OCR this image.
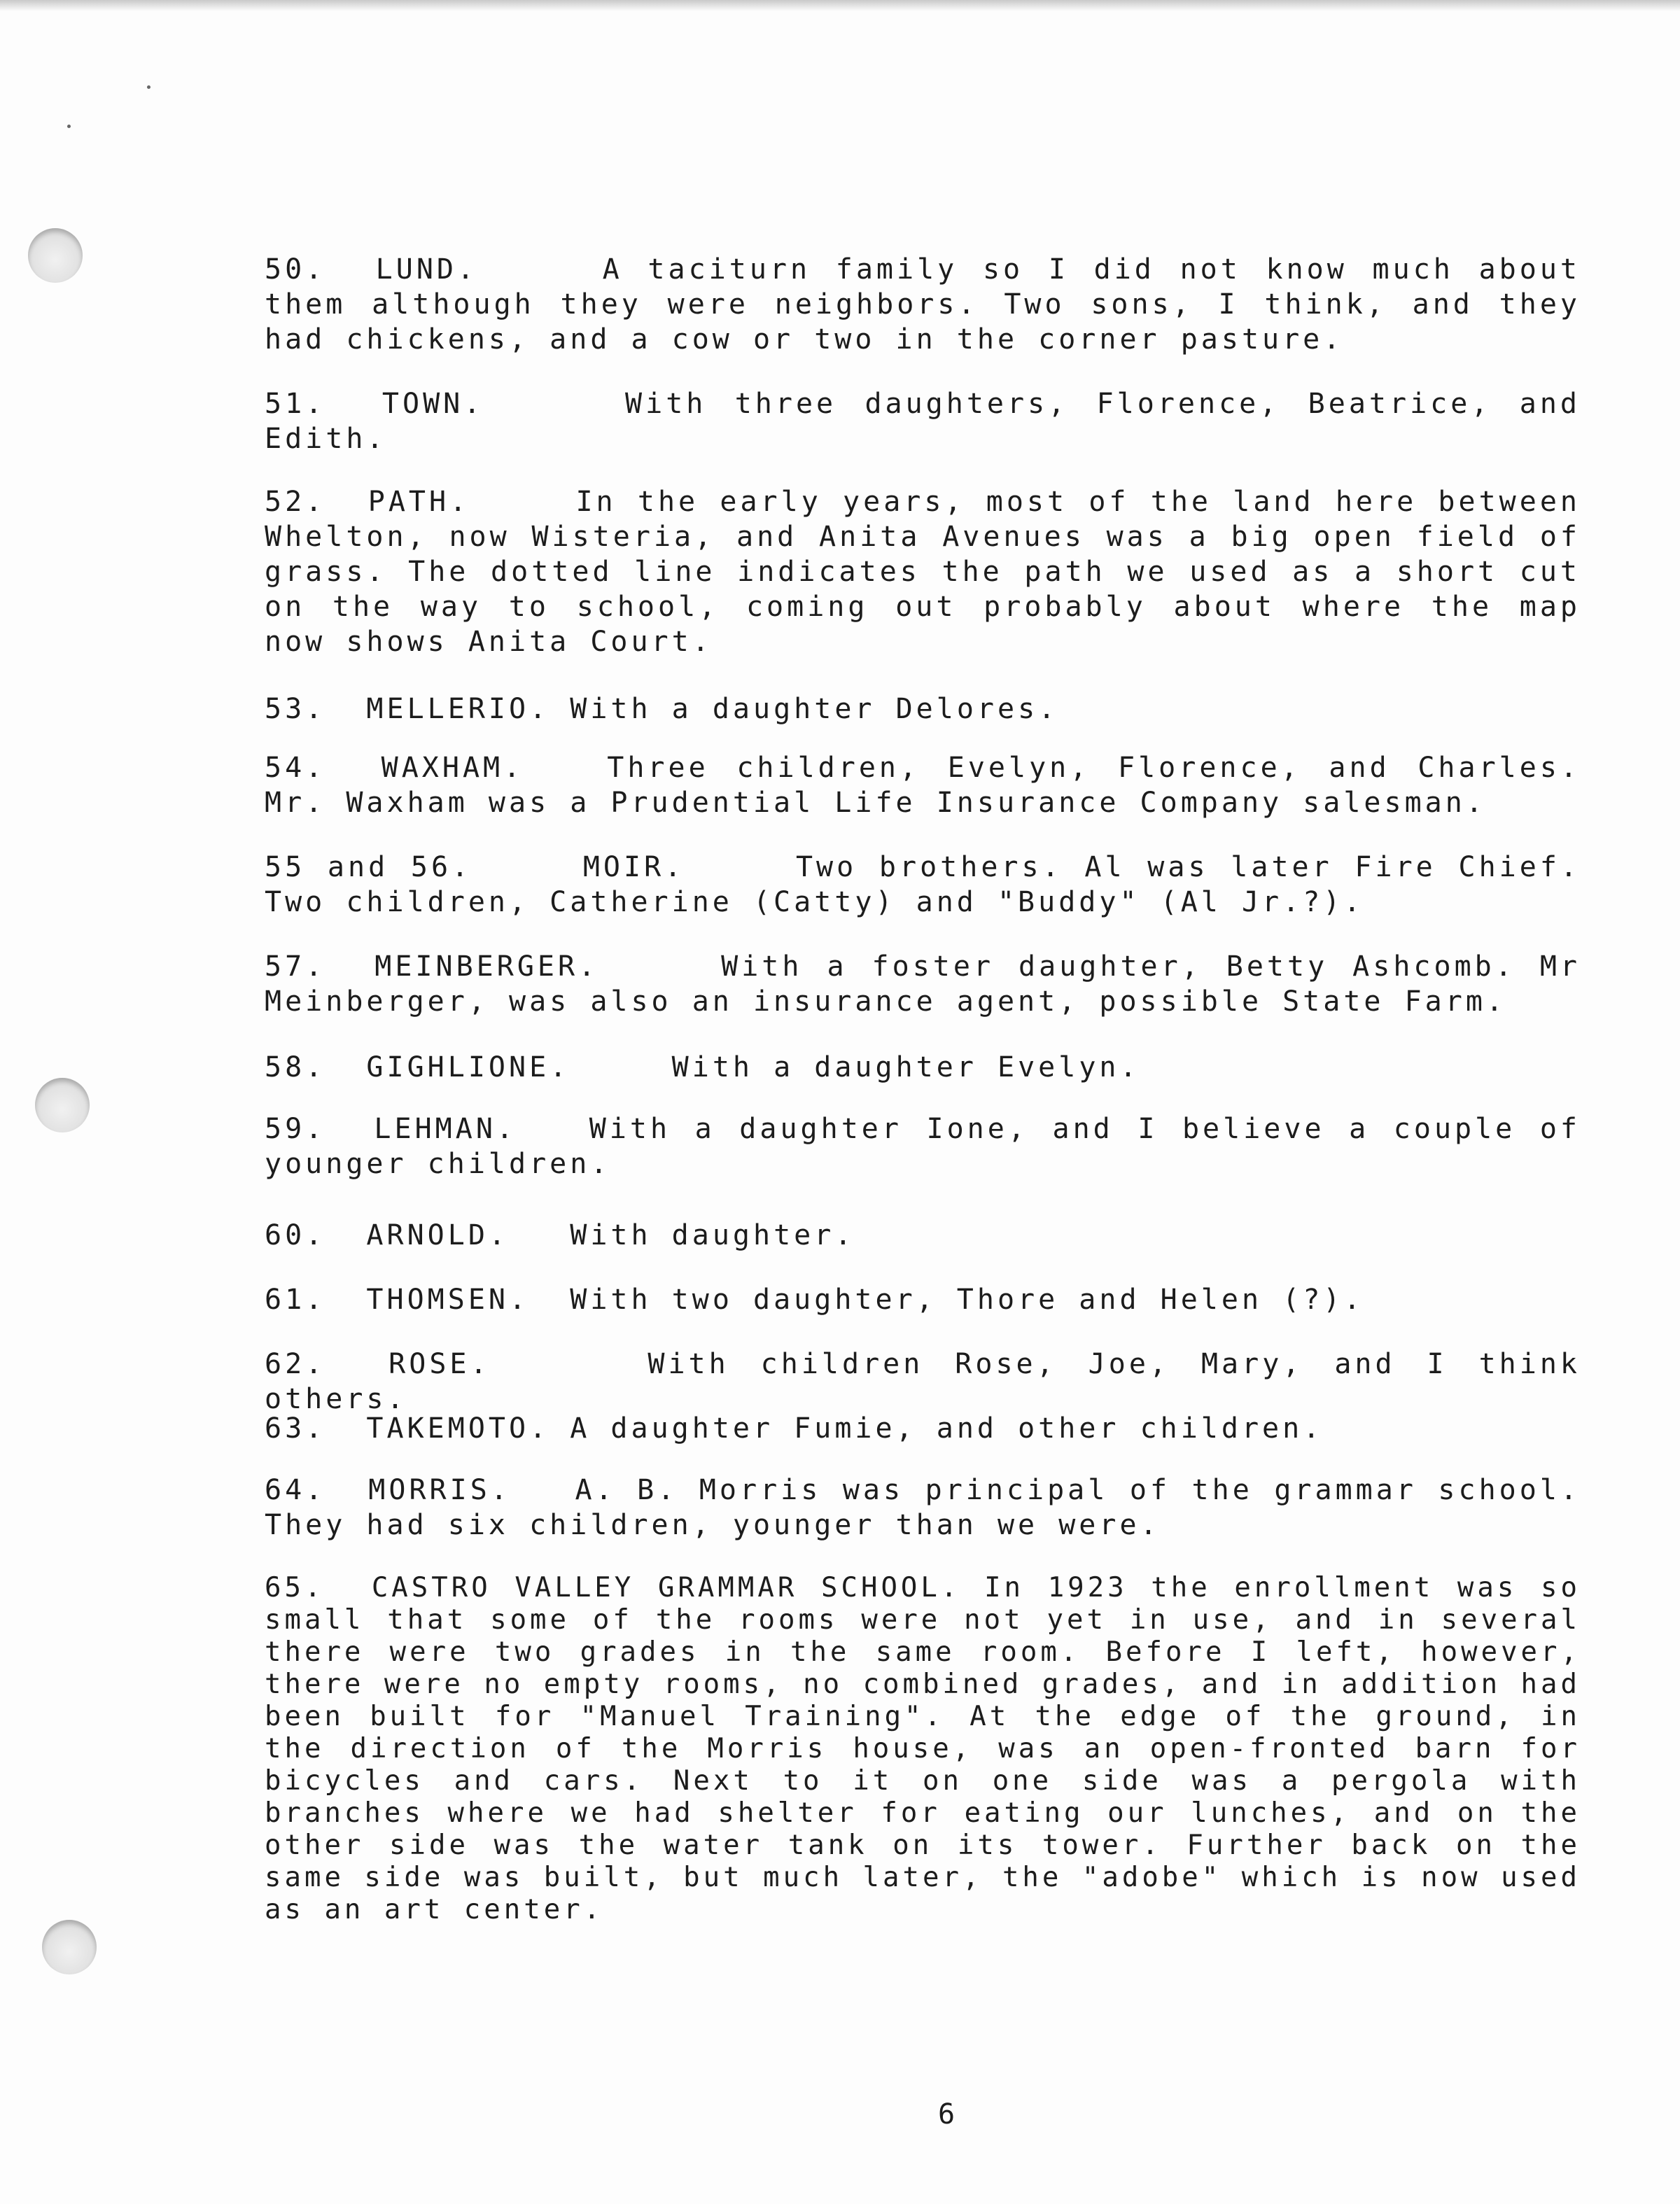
50. LUND.	A taciturn family so I did not know much about them although they were neighbors. Two sons, I think, and they had chickens, and a cow or two in the corner pasture.

51. TOWN.	With three daughters, Florence, Beatrice, and Edith.

52. PATH.	In the early years, most of the land here between Whelton, now Wisteria, and Anita Avenues was a big open field of grass. The dotted line indicates the path we used as a short cut on the way to school, coming out probably about where the map now shows Anita Court.

53. MELLERIO. With a daughter Delores.

54. WAXHAM.	Three children, Evelyn, Florence, and Charles. Mr. Waxham was a Prudential Life Insurance Company salesman.

55 and 56.	MOIR.	Two brothers. Al was later Fire Chief. Two children, Catherine (Catty) and "Buddy" (Al Jr.?).

57. MEINBERGER.	With a foster daughter, Betty Ashcomb. Mr Meinberger, was also an insurance agent, possible State Farm.

58. GIGHLIONE.	With a daughter Evelyn.

59. LEHMAN.	With a daughter Ione, and I believe a couple of younger children.

60. ARNOLD. With daughter.

61. THOMSEN. With two daughter, Thore and Helen (?).

62. ROSE.	With children Rose, Joe, Mary, and I think others.

63. TAKEMOTO. A daughter Fumie, and other children.

64. MORRIS. A. B. Morris was principal of the grammar school. They had six children, younger than we were.

65. CASTRO VALLEY GRAMMAR SCHOOL. In 1923 the enrollment was so small that some of the rooms were not yet in use, and in several there were two grades in the same room. Before I left, however, there were no empty rooms, no combined grades, and in addition had been built for "Manuel Training". At the edge of the ground, in the direction of the Morris house, was an open-fronted barn for bicycles and cars. Next to it on one side was a pergola with branches where we had shelter for eating our lunches, and on the other side was the water tank on its tower. Further back on the same side was built, but much later, the "adobe" which is now used as an art center.

6
